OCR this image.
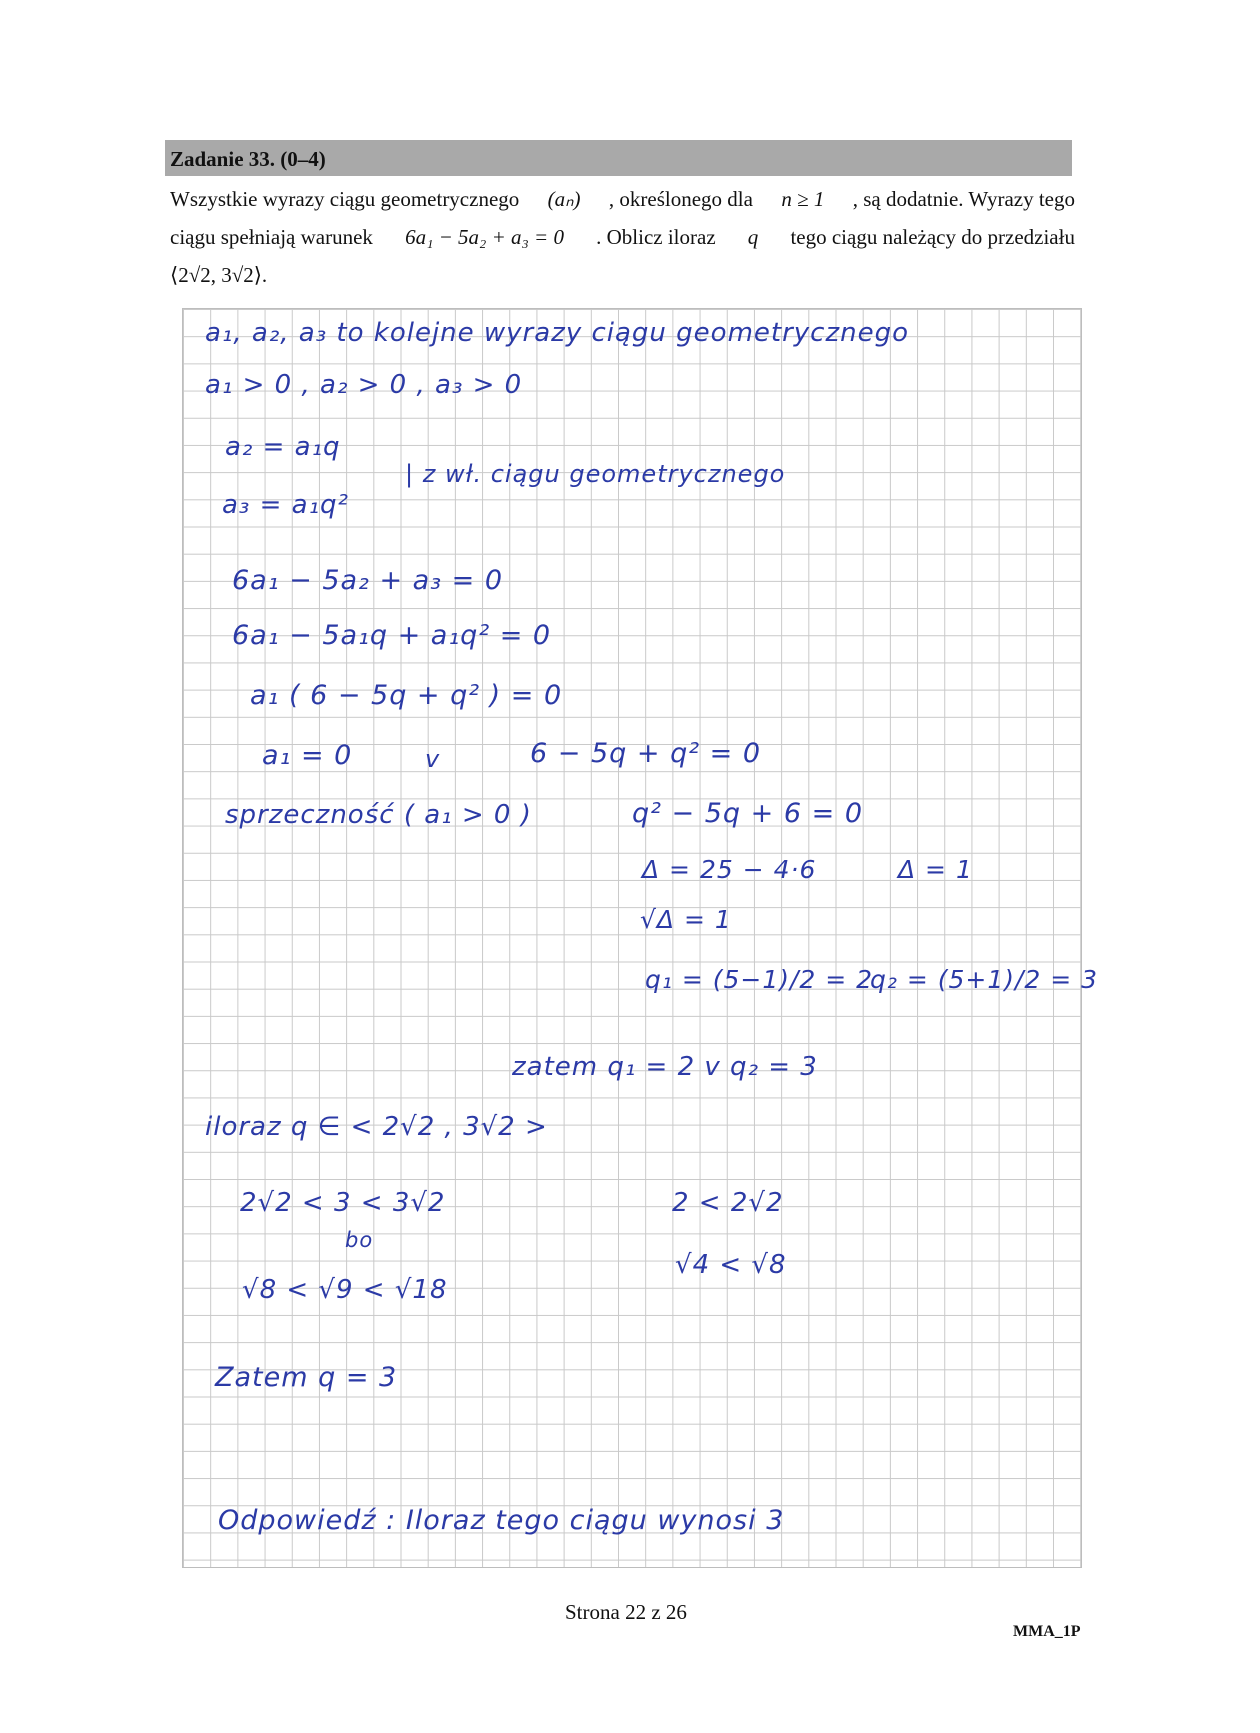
Zadanie 33. (0–4)
Wszystkie wyrazy ciągu geometrycznego (aₙ) , określonego dla n ≥ 1 , są dodatnie. Wyrazy tego
ciągu spełniają warunek 6a₁ − 5a₂ + a₃ = 0 . Oblicz iloraz q tego ciągu należący do przedziału
⟨2√2, 3√2⟩.
a₁, a₂, a₃ to kolejne wyrazy ciągu geometrycznego
a₁ > 0 , a₂ > 0 , a₃ > 0
a₂ = a₁q
| z wł. ciągu geometrycznego
a₃ = a₁q²
6a₁ − 5a₂ + a₃ = 0
6a₁ − 5a₁q + a₁q² = 0
a₁ ( 6 − 5q + q² ) = 0
a₁ = 0	v	6 − 5q + q² = 0
sprzeczność ( a₁ > 0 )	q² − 5q + 6 = 0
Δ = 25 − 4·6	Δ = 1
√Δ = 1
q₁ = (5−1)/2 = 2
q₂ = (5+1)/2 = 3
zatem q₁ = 2 v q₂ = 3
iloraz q ∈ < 2√2 , 3√2 >
2√2 < 3 < 3√2	2 < 2√2
bo
√8 < √9 < √18
√4 < √8
Zatem q = 3
Odpowiedź : Iloraz tego ciągu wynosi 3
Strona 22 z 26
MMA_1P
